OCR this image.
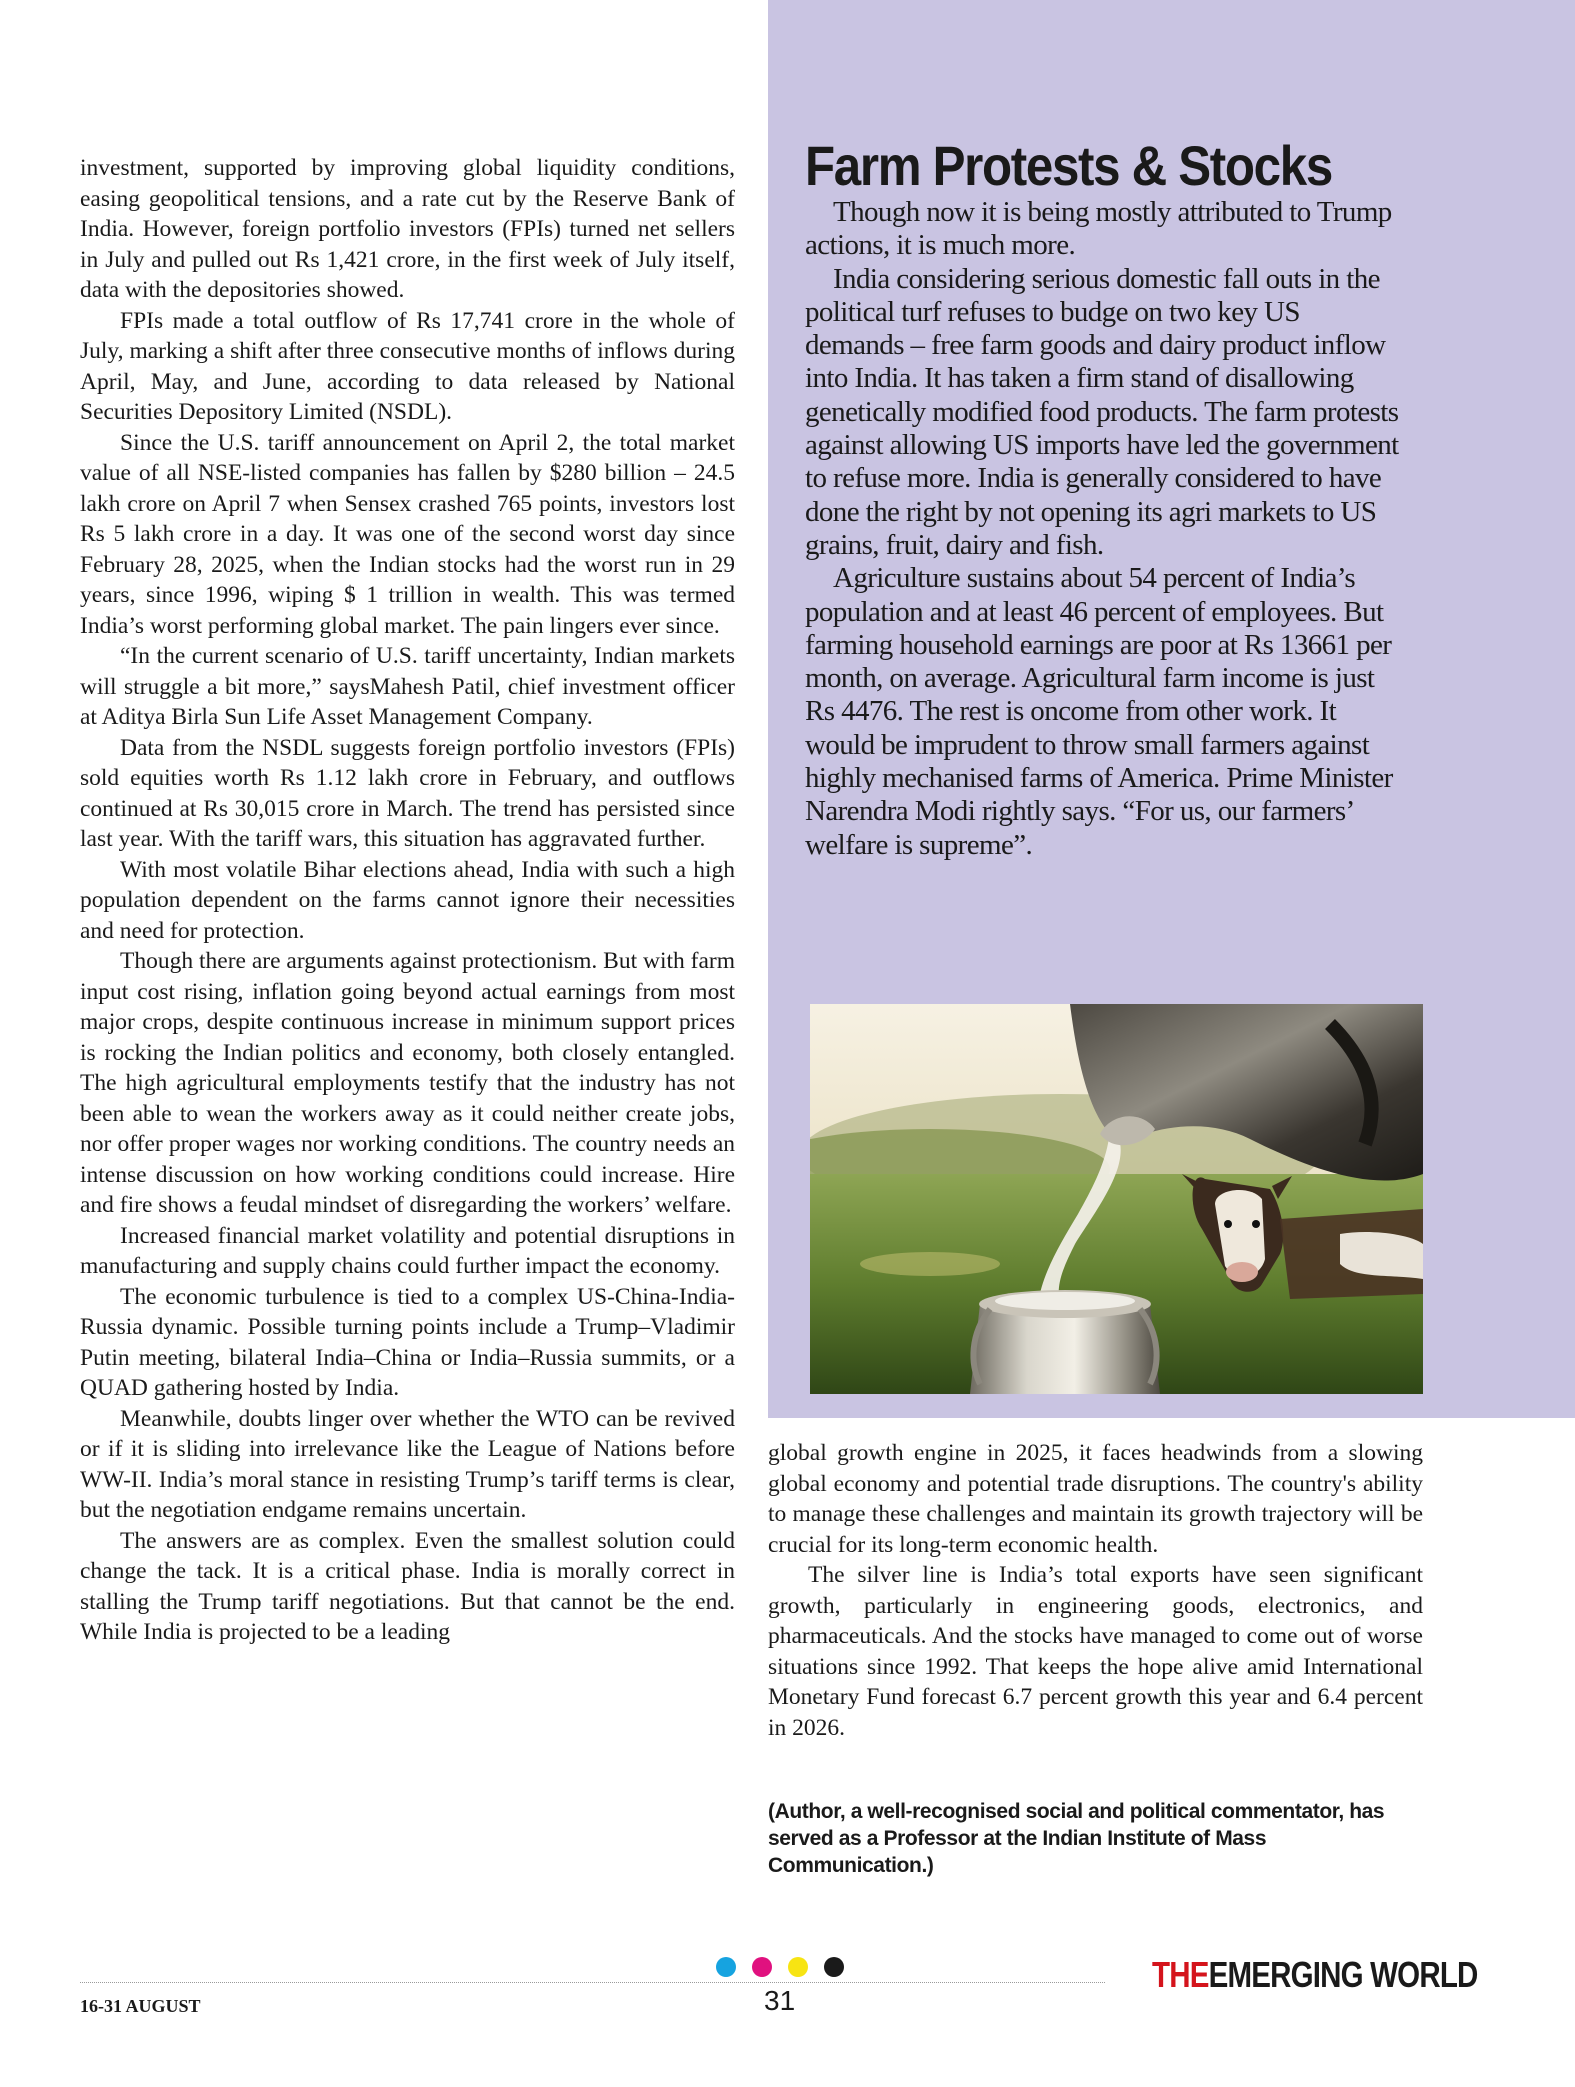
investment, supported by improving global liquidity conditions, easing geopolitical tensions, and a rate cut by the Reserve Bank of India. However, foreign portfolio investors (FPIs) turned net sellers in July and pulled out Rs 1,421 crore, in the first week of July itself, data with the depositories showed.

FPIs made a total outflow of Rs 17,741 crore in the whole of July, marking a shift after three consecutive months of inflows during April, May, and June, according to data released by National Securities Depository Limited (NSDL).

Since the U.S. tariff announcement on April 2, the total market value of all NSE-listed companies has fallen by $280 billion – 24.5 lakh crore on April 7 when Sensex crashed 765 points, investors lost Rs 5 lakh crore in a day. It was one of the second worst day since February 28, 2025, when the Indian stocks had the worst run in 29 years, since 1996, wiping $ 1 trillion in wealth. This was termed India’s worst performing global market. The pain lingers ever since.

“In the current scenario of U.S. tariff uncertainty, Indian markets will struggle a bit more,” saysMahesh Patil, chief investment officer at Aditya Birla Sun Life Asset Management Company.

Data from the NSDL suggests foreign portfolio investors (FPIs) sold equities worth Rs 1.12 lakh crore in February, and outflows continued at Rs 30,015 crore in March. The trend has persisted since last year. With the tariff wars, this situation has aggravated further.

With most volatile Bihar elections ahead, India with such a high population dependent on the farms cannot ignore their necessities and need for protection.

Though there are arguments against protectionism. But with farm input cost rising, inflation going beyond actual earnings from most major crops, despite continuous increase in minimum support prices is rocking the Indian politics and economy, both closely entangled. The high agricultural employments testify that the industry has not been able to wean the workers away as it could neither create jobs, nor offer proper wages nor working conditions. The country needs an intense discussion on how working conditions could increase. Hire and fire shows a feudal mindset of disregarding the workers’ welfare.

Increased financial market volatility and potential disruptions in manufacturing and supply chains could further impact the economy.

The economic turbulence is tied to a complex US-China-India-Russia dynamic. Possible turning points include a Trump–Vladimir Putin meeting, bilateral India–China or India–Russia summits, or a QUAD gathering hosted by India.

Meanwhile, doubts linger over whether the WTO can be revived or if it is sliding into irrelevance like the League of Nations before WW-II. India’s moral stance in resisting Trump’s tariff terms is clear, but the negotiation endgame remains uncertain.

The answers are as complex. Even the smallest solution could change the tack. It is a critical phase. India is morally correct in stalling the Trump tariff negotiations. But that cannot be the end. While India is projected to be a leading

Farm Protests & Stocks

Though now it is being mostly attributed to Trump actions, it is much more.

India considering serious domestic fall outs in the political turf refuses to budge on two key US demands – free farm goods and dairy product inflow into India. It has taken a firm stand of disallowing genetically modified food products. The farm protests against allowing US imports have led the government to refuse more. India is generally considered to have done the right by not opening its agri markets to US grains, fruit, dairy and fish.

Agriculture sustains about 54 percent of India’s population and at least 46 percent of employees. But farming household earnings are poor at Rs 13661 per month, on average. Agricultural farm income is just Rs 4476. The rest is oncome from other work. It would be imprudent to throw small farmers against highly mechanised farms of America. Prime Minister Narendra Modi rightly says. “For us, our farmers’ welfare is supreme”.

global growth engine in 2025, it faces headwinds from a slowing global economy and potential trade disruptions. The country's ability to manage these challenges and maintain its growth trajectory will be crucial for its long-term economic health.

The silver line is India’s total exports have seen significant growth, particularly in engineering goods, electronics, and pharmaceuticals. And the stocks have managed to come out of worse situations since 1992. That keeps the hope alive amid International Monetary Fund forecast 6.7 percent growth this year and 6.4 percent in 2026.

(Author, a well-recognised social and political commentator, has served as a Professor at the Indian Institute of Mass Communication.)
16-31 AUGUST	31
THEEMERGING WORLD
